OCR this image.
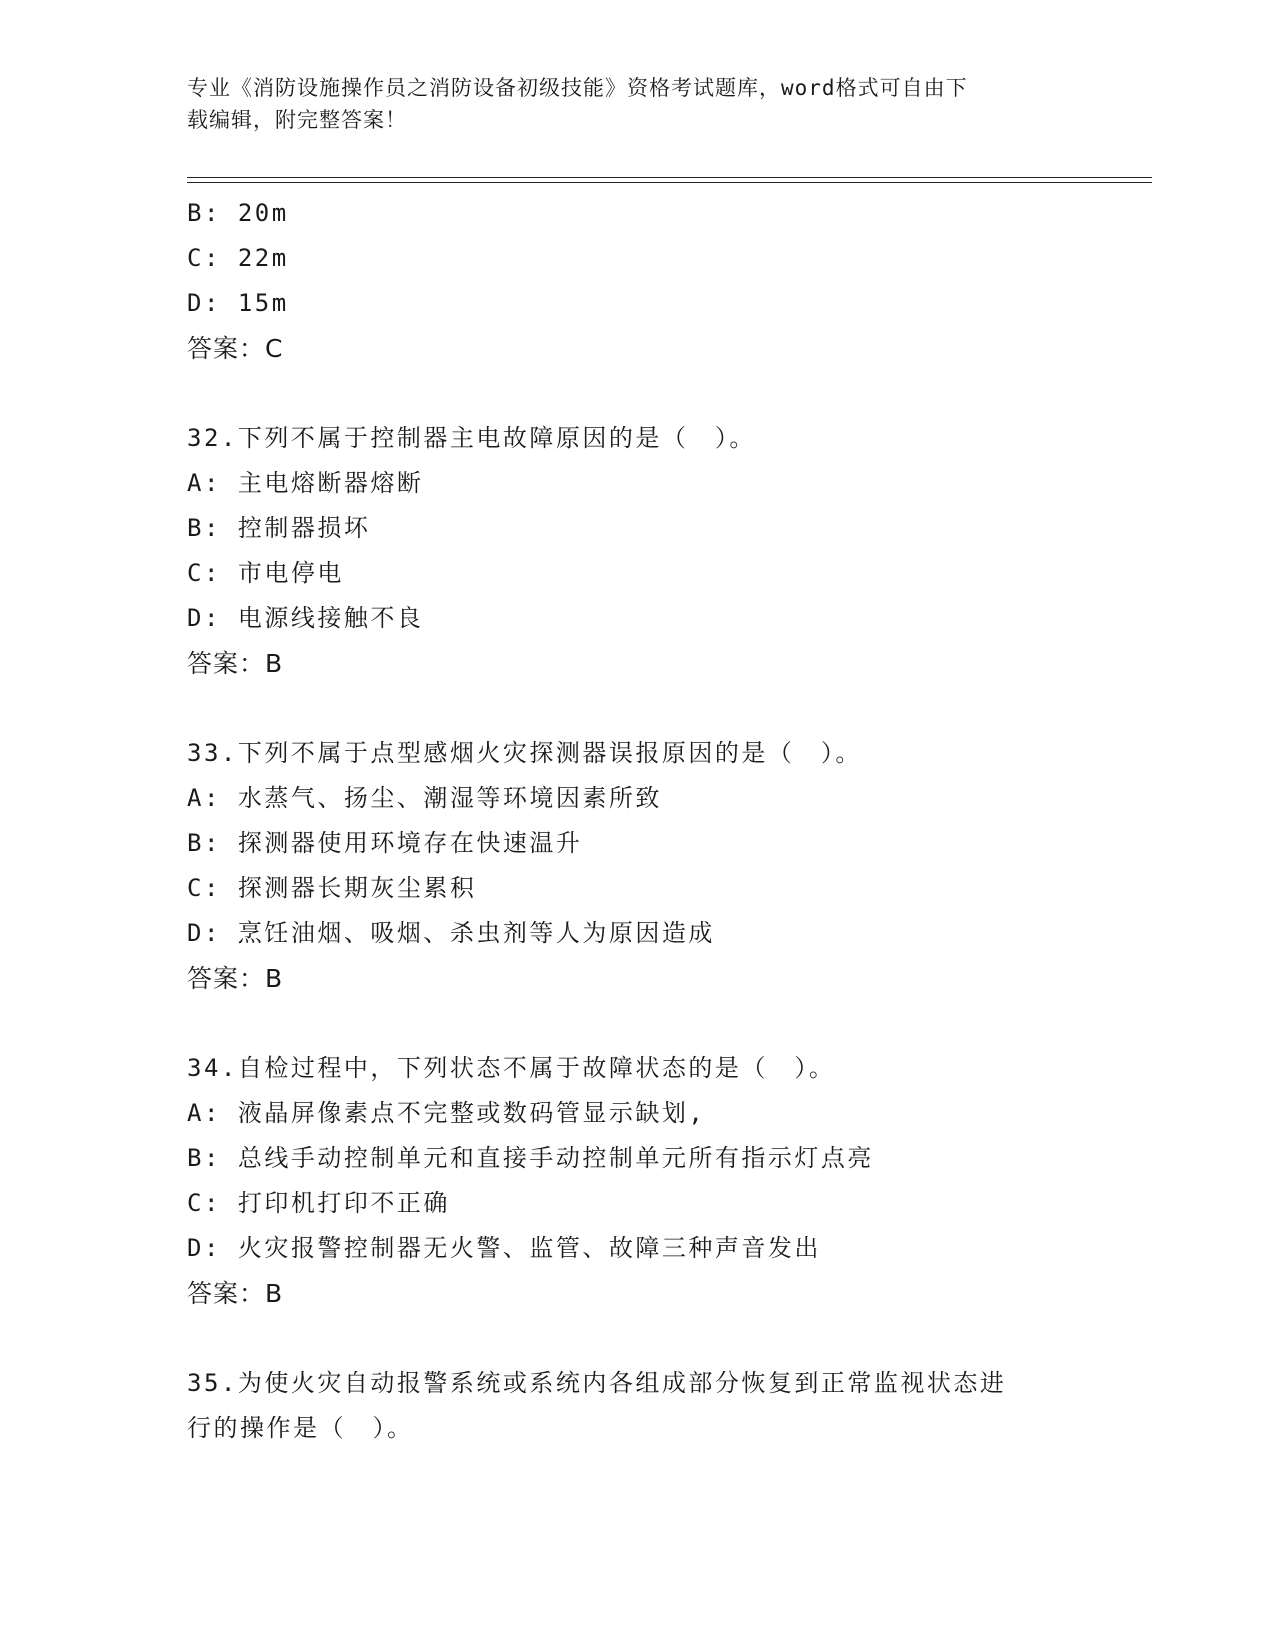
专业《消防设施操作员之消防设备初级技能》资格考试题库，word格式可自由下
载编辑，附完整答案！
B: 20m
C: 22m
D: 15m
答案：C
32.下列不属于控制器主电故障原因的是（　）。
A: 主电熔断器熔断
B: 控制器损坏
C: 市电停电
D: 电源线接触不良
答案：B
33.下列不属于点型感烟火灾探测器误报原因的是（　）。
A: 水蒸气、扬尘、潮湿等环境因素所致
B: 探测器使用环境存在快速温升
C: 探测器长期灰尘累积
D: 烹饪油烟、吸烟、杀虫剂等人为原因造成
答案：B
34.自检过程中，下列状态不属于故障状态的是（　）。
A: 液晶屏像素点不完整或数码管显示缺划,
B: 总线手动控制单元和直接手动控制单元所有指示灯点亮
C: 打印机打印不正确
D: 火灾报警控制器无火警、监管、故障三种声音发出
答案：B
35.为使火灾自动报警系统或系统内各组成部分恢复到正常监视状态进
行的操作是（　）。
